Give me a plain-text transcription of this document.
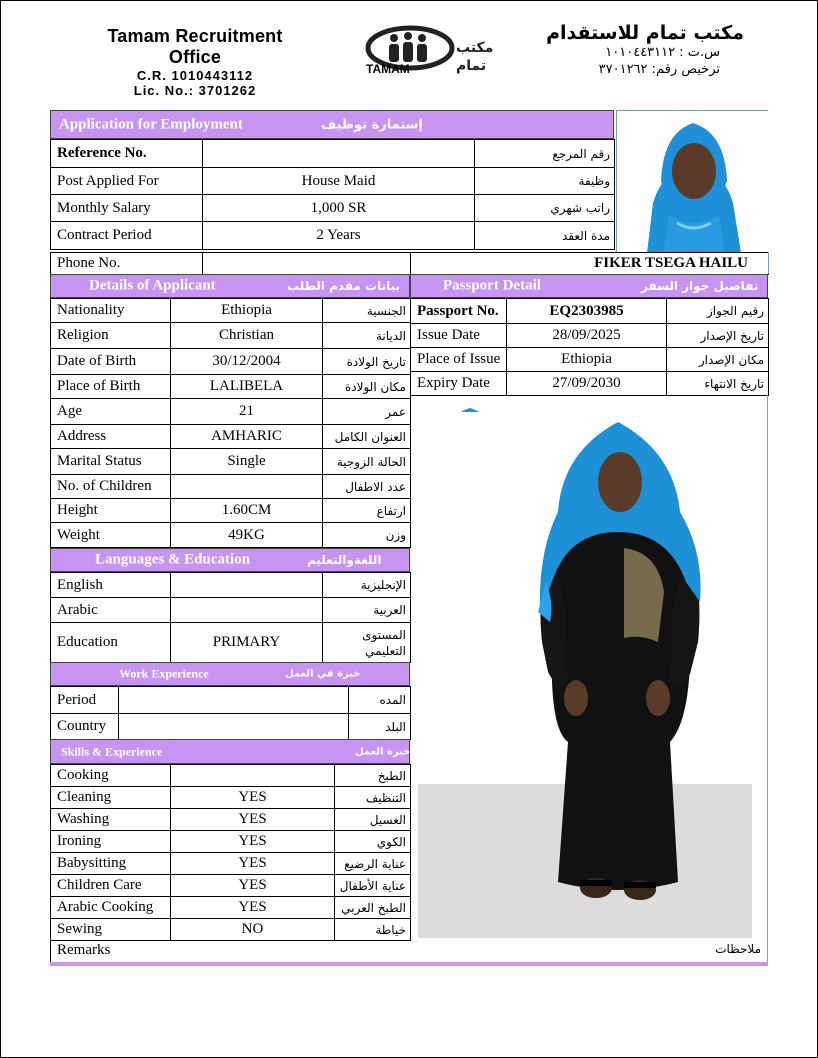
Tamam Recruitment Office
C.R. 1010443112
Lic. No.: 3701262
مكتب
تمام
TAMAM
مكتب تمام للاستقدام
س.ت : ١٠١٠٤٤٣١١٢
ترخيص رقم: ٣٧٠١٢٦٢
Application for Employment	إستمارة توظيف
Reference No.		رقم المرجع
Post Applied For	House Maid	وظيفة
Monthly Salary	1,000 SR	راتب شهري
Contract Period	2 Years	مدة العقد
Phone No.		FIKER TSEGA HAILU
Details of Applicant	بيانات مقدم الطلب
Nationality	Ethiopia	الجنسية
Religion	Christian	الديانة
Date of Birth	30/12/2004	تاريخ الولادة
Place of Birth	LALIBELA	مكان الولادة
Age	21	عمر
Address	AMHARIC	العنوان الكامل
Marital Status	Single	الحالة الزوجية
No. of Children		عدد الاطفال
Height	1.60CM	ارتفاع
Weight	49KG	وزن
Passport Detail	تفاصيل جواز السفر
Passport No.	EQ2303985	رقيم الجواز
Issue Date	28/09/2025	تاريخ الإصدار
Place of Issue	Ethiopia	مكان الإصدار
Expiry Date	27/09/2030	تاريخ الانتهاء
Languages & Education	اللغةوالتعليم
English		الإنجليزية
Arabic		العربية
Education	PRIMARY	المستوى التعليمي
Work Experience	خبرة في العمل
Period		المده
Country		البلد
Skills & Experience	خبرة العمل
Cooking		الطبخ
Cleaning	YES	التنظيف
Washing	YES	الغسيل
Ironing	YES	الكوي
Babysitting	YES	عناية الرضيع
Children Care	YES	عناية الأطفال
Arabic Cooking	YES	الطبخ العربي
Sewing	NO	خياطة
Remarks	ملاحظات
